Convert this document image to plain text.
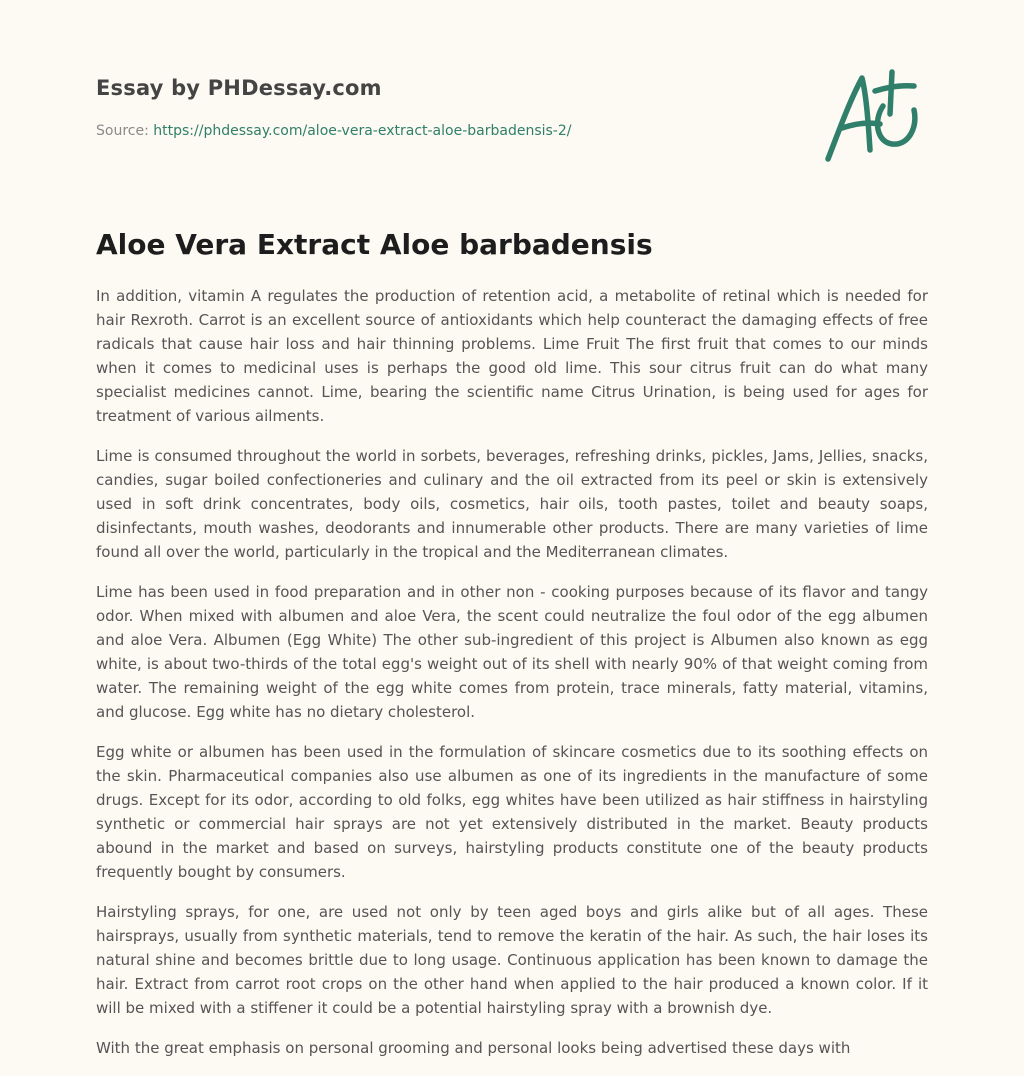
Essay by PHDessay.com
Source: https://phdessay.com/aloe-vera-extract-aloe-barbadensis-2/
Aloe Vera Extract Aloe barbadensis

In addition, vitamin A regulates the production of retention acid, a metabolite of retinal which is needed for hair Rexroth. Carrot is an excellent source of antioxidants which help counteract the damaging effects of free radicals that cause hair loss and hair thinning problems. Lime Fruit The first fruit that comes to our minds when it comes to medicinal uses is perhaps the good old lime. This sour citrus fruit can do what many specialist medicines cannot. Lime, bearing the scientific name Citrus Urination, is being used for ages for treatment of various ailments.

Lime is consumed throughout the world in sorbets, beverages, refreshing drinks, pickles, Jams, Jellies, snacks, candies, sugar boiled confectioneries and culinary and the oil extracted from its peel or skin is extensively used in soft drink concentrates, body oils, cosmetics, hair oils, tooth pastes, toilet and beauty soaps, disinfectants, mouth washes, deodorants and innumerable other products. There are many varieties of lime found all over the world, particularly in the tropical and the Mediterranean climates.

Lime has been used in food preparation and in other non - cooking purposes because of its flavor and tangy odor. When mixed with albumen and aloe Vera, the scent could neutralize the foul odor of the egg albumen and aloe Vera. Albumen (Egg White) The other sub-ingredient of this project is Albumen also known as egg white, is about two-thirds of the total egg's weight out of its shell with nearly 90% of that weight coming from water. The remaining weight of the egg white comes from protein, trace minerals, fatty material, vitamins, and glucose. Egg white has no dietary cholesterol.

Egg white or albumen has been used in the formulation of skincare cosmetics due to its soothing effects on the skin. Pharmaceutical companies also use albumen as one of its ingredients in the manufacture of some drugs. Except for its odor, according to old folks, egg whites have been utilized as hair stiffness in hairstyling synthetic or commercial hair sprays are not yet extensively distributed in the market. Beauty products abound in the market and based on surveys, hairstyling products constitute one of the beauty products frequently bought by consumers.

Hairstyling sprays, for one, are used not only by teen aged boys and girls alike but of all ages. These hairsprays, usually from synthetic materials, tend to remove the keratin of the hair. As such, the hair loses its natural shine and becomes brittle due to long usage. Continuous application has been known to damage the hair. Extract from carrot root crops on the other hand when applied to the hair produced a known color. If it will be mixed with a stiffener it could be a potential hairstyling spray with a brownish dye.

With the great emphasis on personal grooming and personal looks being advertised these days with
